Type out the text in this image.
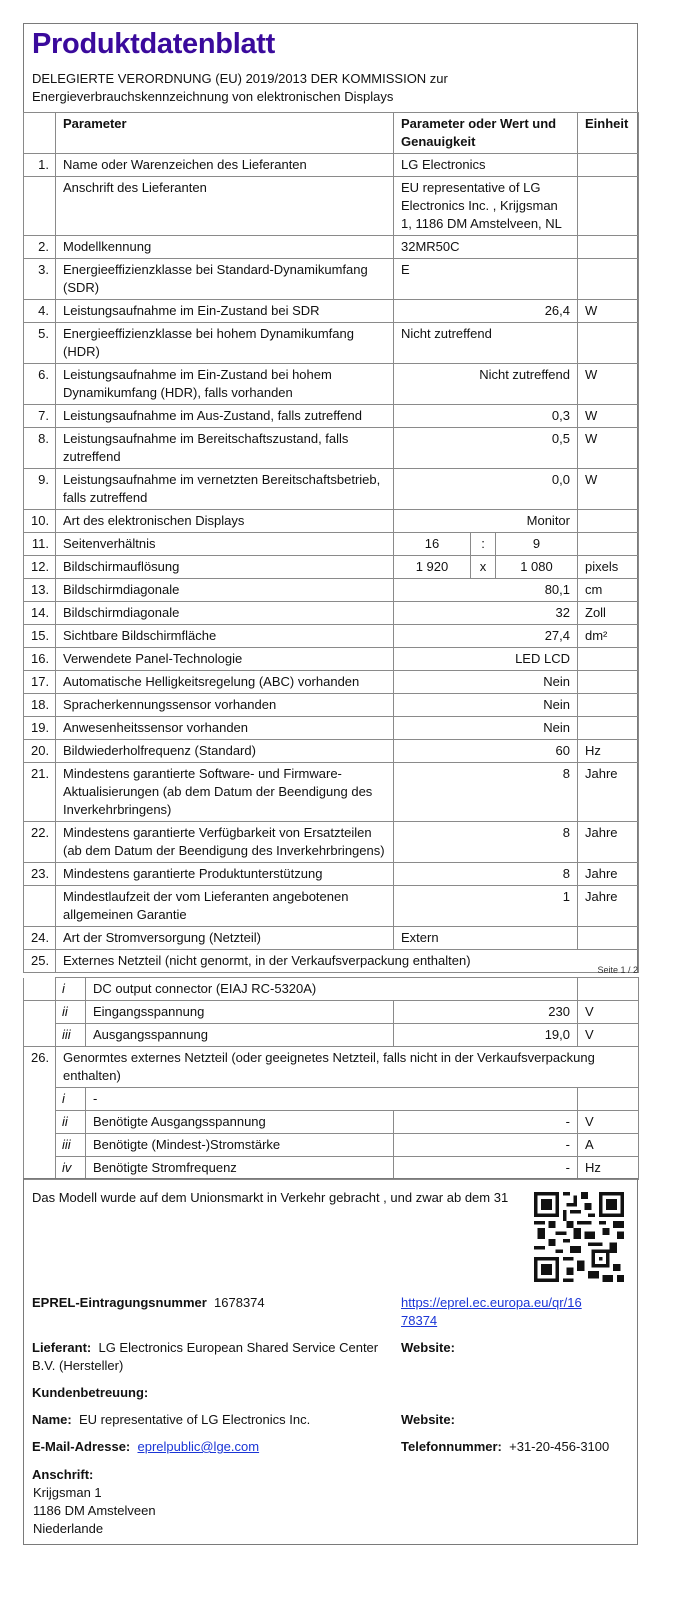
Produktdatenblatt
DELEGIERTE VERORDNUNG (EU) 2019/2013 DER KOMMISSION zur
Energieverbrauchskennzeichnung von elektronischen Displays
	Parameter	Parameter oder Wert und Genauigkeit			Einheit
1.	Name oder Warenzeichen des Lieferanten	LG Electronics			
	Anschrift des Lieferanten	EU representative of LG Electronics Inc. , Krijgsman 1, 1186 DM Amstelveen, NL			
2.	Modellkennung	32MR50C			
3.	Energieeffizienzklasse bei Standard-Dynamikumfang (SDR)	E			
4.	Leistungsaufnahme im Ein-Zustand bei SDR	26,4			W
5.	Energieeffizienzklasse bei hohem Dynamikumfang (HDR)	Nicht zutreffend			
6.	Leistungsaufnahme im Ein-Zustand bei hohem Dynamikumfang (HDR), falls vorhanden	Nicht zutreffend			W
7.	Leistungsaufnahme im Aus-Zustand, falls zutreffend	0,3			W
8.	Leistungsaufnahme im Bereitschaftszustand, falls zutreffend	0,5			W
9.	Leistungsaufnahme im vernetzten Bereitschaftsbetrieb, falls zutreffend	0,0			W
10.	Art des elektronischen Displays	Monitor			
11.	Seitenverhältnis	16	:	9	
12.	Bildschirmauflösung	1 920	x	1 080	pixels
13.	Bildschirmdiagonale	80,1			cm
14.	Bildschirmdiagonale	32			Zoll
15.	Sichtbare Bildschirmfläche	27,4			dm²
16.	Verwendete Panel-Technologie	LED LCD			
17.	Automatische Helligkeitsregelung (ABC) vorhanden	Nein			
18.	Spracherkennungssensor vorhanden	Nein			
19.	Anwesenheitssensor vorhanden	Nein			
20.	Bildwiederholfrequenz (Standard)	60			Hz
21.	Mindestens garantierte Software- und Firmware-Aktualisierungen (ab dem Datum der Beendigung des Inverkehrbringens)	8			Jahre
22.	Mindestens garantierte Verfügbarkeit von Ersatzteilen (ab dem Datum der Beendigung des Inverkehrbringens)	8			Jahre
23.	Mindestens garantierte Produktunterstützung	8			Jahre
	Mindestlaufzeit der vom Lieferanten angebotenen allgemeinen Garantie	1			Jahre
24.	Art der Stromversorgung (Netzteil)	Extern			
25.	Externes Netzteil (nicht genormt, in der Verkaufsverpackung enthalten)				
Seite 1 / 2
	i	DC output connector (EIAJ RC-5320A)		
	ii	Eingangsspannung	230	V
	iii	Ausgangsspannung	19,0	V
26.	Genormtes externes Netzteil (oder geeignetes Netzteil, falls nicht in der Verkaufsverpackung enthalten)			
	i	-		
	ii	Benötigte Ausgangsspannung	-	V
	iii	Benötigte (Mindest-)Stromstärke	-	A
	iv	Benötigte Stromfrequenz	-	Hz
Das Modell wurde auf dem Unionsmarkt in Verkehr gebracht , und zwar ab dem 31
EPREL-Eintragungsnummer 1678374	https://eprel.ec.europa.eu/qr/16
78374
Lieferant: LG Electronics European Shared Service Center
B.V. (Hersteller)
Website:
Kundenbetreuung:
Name: EU representative of LG Electronics Inc.	Website:
E-Mail-Adresse: eprelpublic@lge.com	Telefonnummer: +31-20-456-3100
Anschrift:
Krijgsman 1
1186 DM Amstelveen
Niederlande
